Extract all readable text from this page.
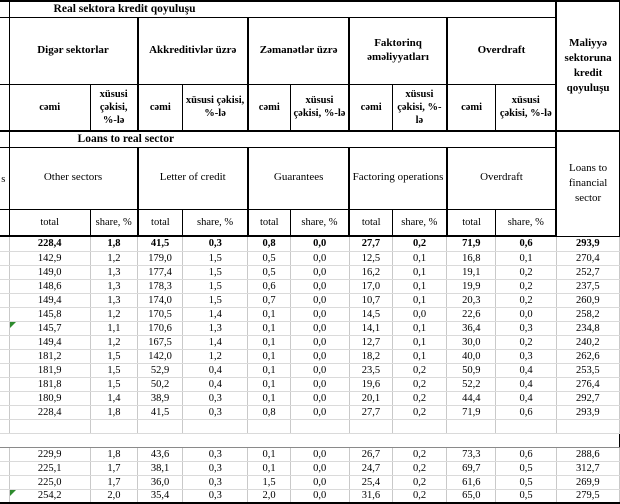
	Real sektora kredit qoyuluşu										Maliyyə sektoruna kredit qoyuluşu
	Digər sektorlar		Akkreditivlər üzrə		Zəmanətlər üzrə		Faktorinq əməliyyatları		Overdraft		
	cəmi	xüsusi çəkisi, %-lə	cəmi	xüsusi çəkisi, %-lə	cəmi	xüsusi çəkisi, %-lə	cəmi	xüsusi çəkisi, %-lə	cəmi	xüsusi çəkisi, %-lə	
	Loans to real sector										Loans to financial sector
s	Other sectors		Letter of credit		Guarantees		Factoring operations		Overdraft		
	total	share, %	total	share, %	total	share, %	total	share, %	total	share, %	
	228,4	1,8	41,5	0,3	0,8	0,0	27,7	0,2	71,9	0,6	293,9
	142,9	1,2	179,0	1,5	0,5	0,0	12,5	0,1	16,8	0,1	270,4
	149,0	1,3	177,4	1,5	0,5	0,0	16,2	0,1	19,1	0,2	252,7
	148,6	1,3	178,3	1,5	0,6	0,0	17,0	0,1	19,9	0,2	237,5
	149,4	1,3	174,0	1,5	0,7	0,0	10,7	0,1	20,3	0,2	260,9
	145,8	1,2	170,5	1,4	0,1	0,0	14,5	0,0	22,6	0,0	258,2
	145,7	1,1	170,6	1,3	0,1	0,0	14,1	0,1	36,4	0,3	234,8
	149,4	1,2	167,5	1,4	0,1	0,0	12,7	0,1	30,0	0,2	240,2
	181,2	1,5	142,0	1,2	0,1	0,0	18,2	0,1	40,0	0,3	262,6
	181,9	1,5	52,9	0,4	0,1	0,0	23,5	0,2	50,9	0,4	253,5
	181,8	1,5	50,2	0,4	0,1	0,0	19,6	0,2	52,2	0,4	276,4
	180,9	1,4	38,9	0,3	0,1	0,0	20,1	0,2	44,4	0,4	292,7
	228,4	1,8	41,5	0,3	0,8	0,0	27,7	0,2	71,9	0,6	293,9

	229,9	1,8	43,6	0,3	0,1	0,0	26,7	0,2	73,3	0,6	288,6
	225,1	1,7	38,1	0,3	0,1	0,0	24,7	0,2	69,7	0,5	312,7
	225,0	1,7	36,0	0,3	1,5	0,0	25,4	0,2	61,6	0,5	269,9
	254,2	2,0	35,4	0,3	2,0	0,0	31,6	0,2	65,0	0,5	279,5
